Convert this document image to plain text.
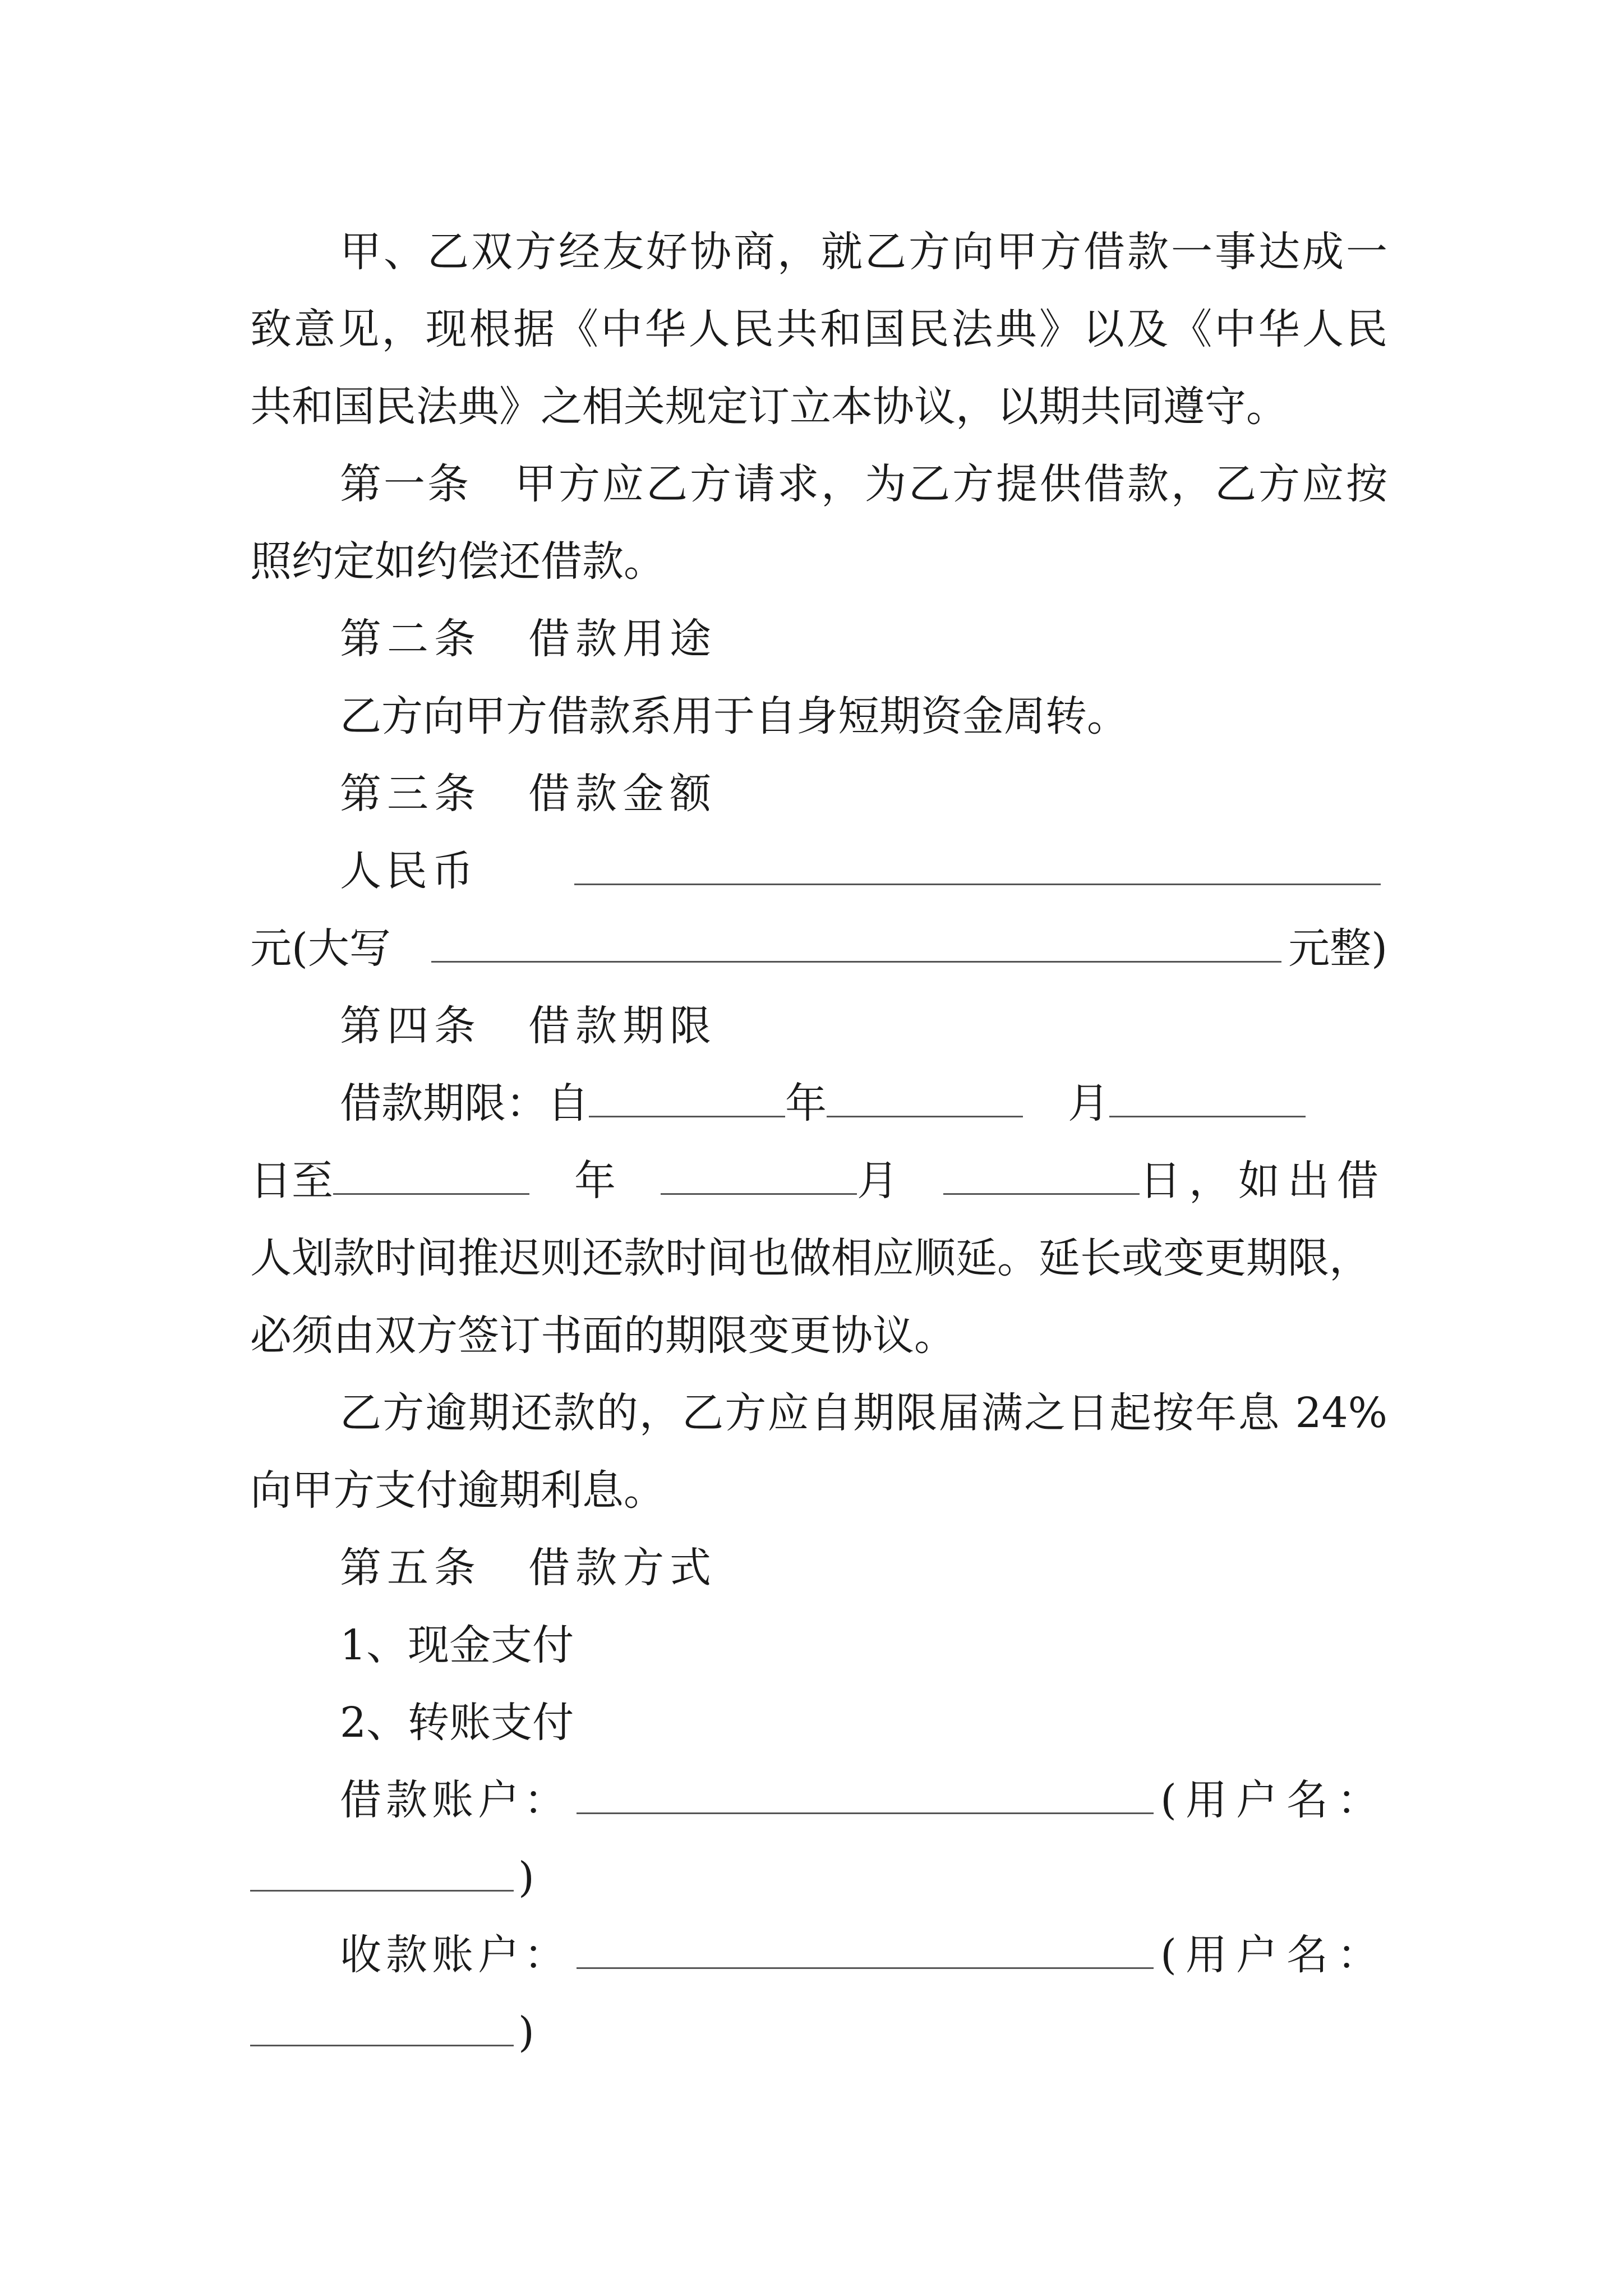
甲、乙双方经友好协商，就乙方向甲方借款一事达成一
致意见，现根据《中华人民共和国民法典》以及《中华人民
共和国民法典》之相关规定订立本协议，以期共同遵守。
第一条　甲方应乙方请求，为乙方提供借款，乙方应按
照约定如约偿还借款。
第二条　借款用途
乙方向甲方借款系用于自身短期资金周转。
第三条　借款金额
人民币
元(大写	元整)
第四条　借款期限
借款期限：自	年	月
日至	年	月	日，如出借
人划款时间推迟则还款时间也做相应顺延。延长或变更期限，
必须由双方签订书面的期限变更协议。
乙方逾期还款的，乙方应自期限届满之日起按年息 24%
向甲方支付逾期利息。
第五条　借款方式
1、现金支付
2、转账支付
借款账户：	(用户名：
)
收款账户：	(用户名：
)
